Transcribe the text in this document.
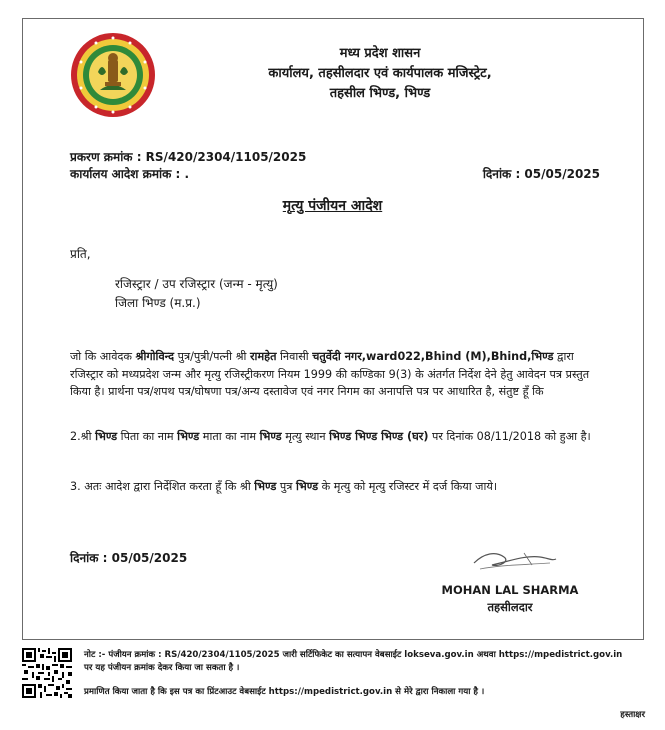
मध्य प्रदेश शासन
कार्यालय, तहसीलदार एवं कार्यपालक मजिस्ट्रेट,
तहसील भिण्ड, भिण्ड
प्रकरण क्रमांक : RS/420/2304/1105/2025
कार्यालय आदेश क्रमांक : .	दिनांक : 05/05/2025
मृत्यु पंजीयन आदेश
प्रति,
रजिस्ट्रार / उप रजिस्ट्रार (जन्म - मृत्यु)
जिला भिण्ड (म.प्र.)
जो कि आवेदक श्रीगोविन्द पुत्र/पुत्री/पत्नी श्री रामहेत निवासी चतुर्वेदी नगर,ward022,Bhind (M),Bhind,भिण्ड द्वारा रजिस्ट्रार को मध्यप्रदेश जन्म और मृत्यु रजिस्ट्रीकरण नियम 1999 की कण्डिका 9(3) के अंतर्गत निर्देश देने हेतु आवेदन पत्र प्रस्तुत किया है। प्रार्थना पत्र/शपथ पत्र/घोषणा पत्र/अन्य दस्तावेज एवं नगर निगम का अनापत्ति पत्र पर आधारित है, संतुष्ट हूँ कि
2.श्री भिण्ड पिता का नाम भिण्ड माता का नाम भिण्ड मृत्यु स्थान भिण्ड भिण्ड भिण्ड (घर) पर दिनांक 08/11/2018 को हुआ है।
3. अतः आदेश द्वारा निर्देशित करता हूँ कि श्री भिण्ड पुत्र भिण्ड के मृत्यु को मृत्यु रजिस्टर में दर्ज किया जाये।
दिनांक : 05/05/2025
MOHAN LAL SHARMA
तहसीलदार
नोट :- पंजीयन क्रमांक : RS/420/2304/1105/2025 जारी सर्टिफिकेट का सत्यापन वेबसाईट lokseva.gov.in अथवा https://mpedistrict.gov.in पर यह पंजीयन क्रमांक देकर किया जा सकता है ।
प्रमाणित किया जाता है कि इस पत्र का प्रिंटआउट वेबसाईट https://mpedistrict.gov.in से मेरे द्वारा निकाला गया है ।
हस्ताक्षर
